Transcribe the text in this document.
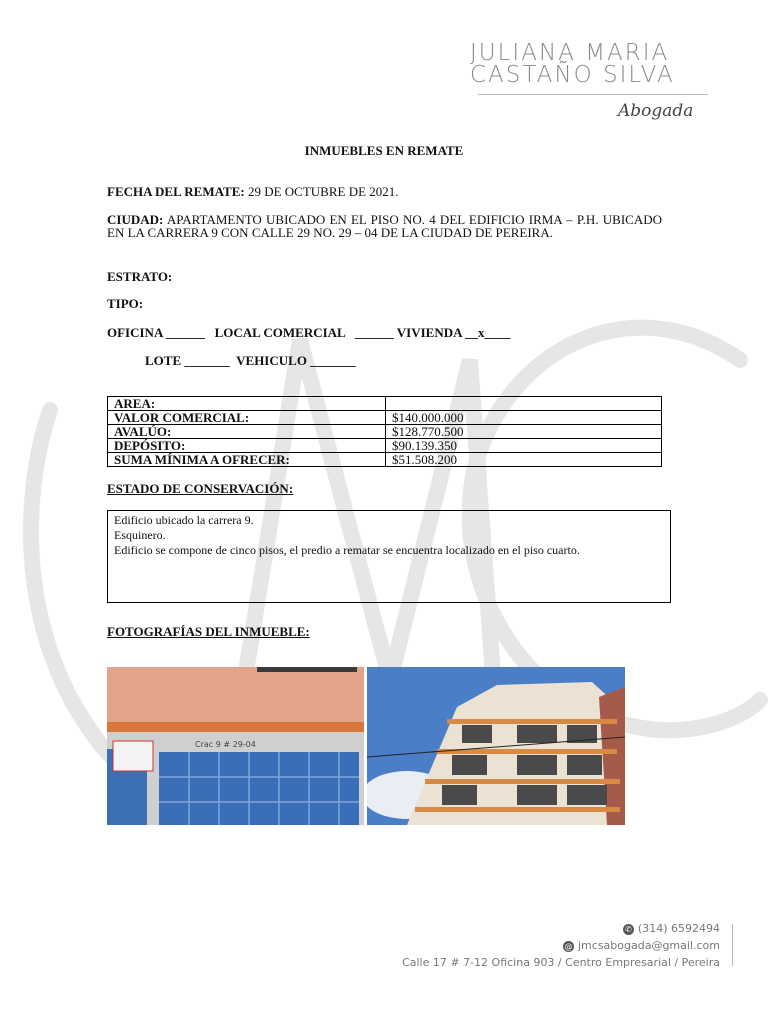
JULIANA MARIA
CASTAÑO SILVA
Abogada
INMUEBLES EN REMATE
FECHA DEL REMATE: 29 DE OCTUBRE DE 2021.
CIUDAD: APARTAMENTO UBICADO EN EL PISO NO. 4 DEL EDIFICIO IRMA – P.H. UBICADO EN LA CARRERA 9 CON CALLE 29 NO. 29 – 04 DE LA CIUDAD DE PEREIRA.
ESTRATO:
TIPO:
OFICINA ______   LOCAL COMERCIAL   ______ VIVIENDA __x____
LOTE _______  VEHICULO _______
AREA:	
VALOR COMERCIAL:	$140.000.000
AVALÚO:	$128.770.500
DEPÓSITO:	$90.139.350
SUMA MÍNIMA A OFRECER:	$51.508.200
ESTADO DE CONSERVACIÓN:
Edificio ubicado la carrera 9.
Esquinero.
Edificio se compone de cinco pisos, el predio a rematar se encuentra localizado en el piso cuarto.
FOTOGRAFÍAS DEL INMUEBLE:
Crac 9 # 29-04
✆ (314) 6592494
@ jmcsabogada@gmail.com
Calle 17 # 7-12 Oficina 903 / Centro Empresarial / Pereira
